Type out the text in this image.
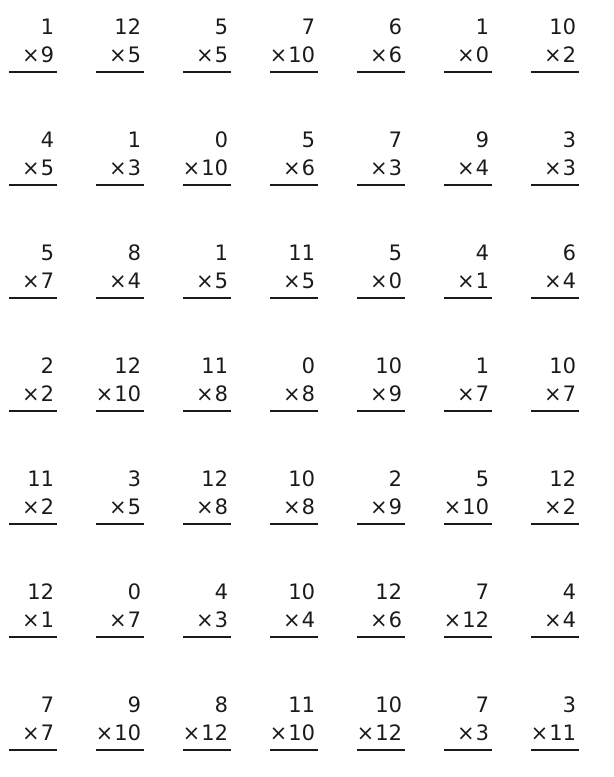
1
×9
12
×5
5
×5
7
×10
6
×6
1
×0
10
×2
4
×5
1
×3
0
×10
5
×6
7
×3
9
×4
3
×3
5
×7
8
×4
1
×5
11
×5
5
×0
4
×1
6
×4
2
×2
12
×10
11
×8
0
×8
10
×9
1
×7
10
×7
11
×2
3
×5
12
×8
10
×8
2
×9
5
×10
12
×2
12
×1
0
×7
4
×3
10
×4
12
×6
7
×12
4
×4
7
×7
9
×10
8
×12
11
×10
10
×12
7
×3
3
×11
